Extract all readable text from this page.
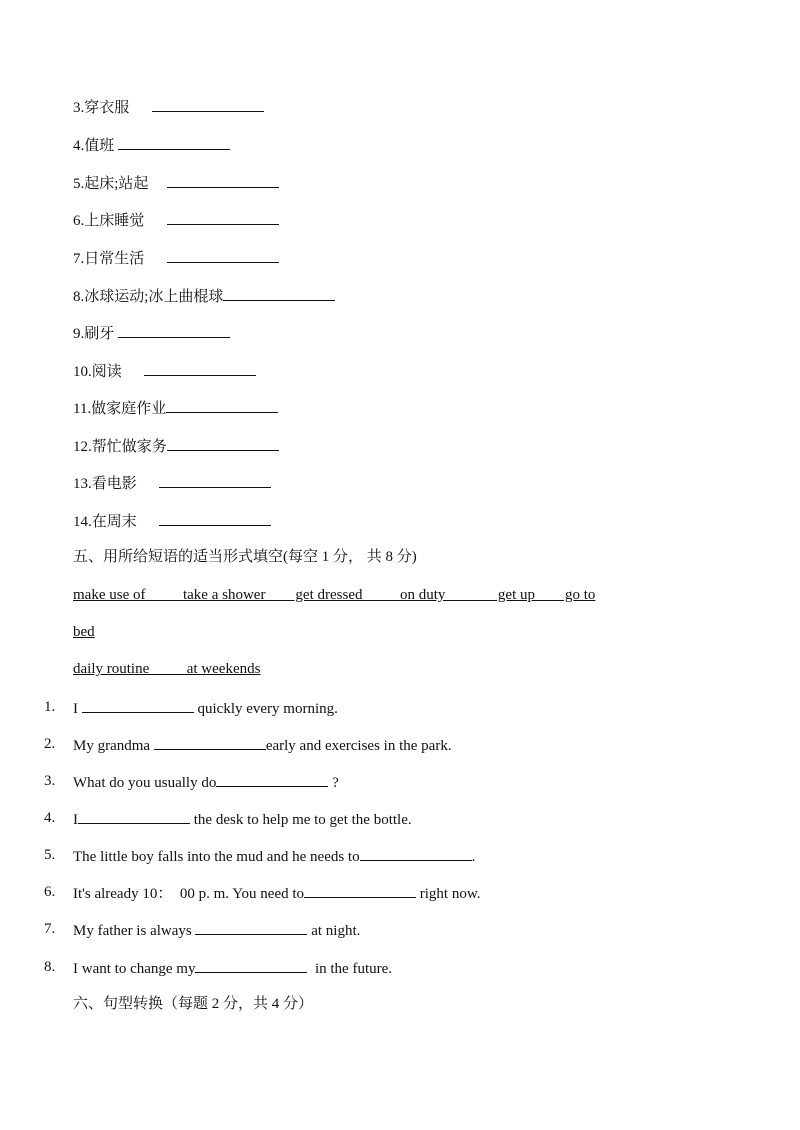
3.穿衣服
4.值班
5.起床;站起
6.上床睡觉
7.日常生活
8.冰球运动;冰上曲棍球
9.刷牙
10.阅读
11.做家庭作业
12.帮忙做家务
13.看电影
14.在周末
五、用所给短语的适当形式填空(每空 1 分， 共 8 分)
make use of          take a shower        get dressed          on duty              get up        go to
bed
daily routine          at weekends
1.	I	quickly every morning.
2.	My grandma	early and exercises in the park.
3.	What do you usually do	?
4.	I	the desk to help me to get the bottle.
5.	The little boy falls into the mud and he needs to	.
6.	It's already 10：  00 p. m. You need to	right now.
7.	My father is always	at night.
8.	I want to change my	in the future.
六、句型转换（每题 2 分，共 4 分）
